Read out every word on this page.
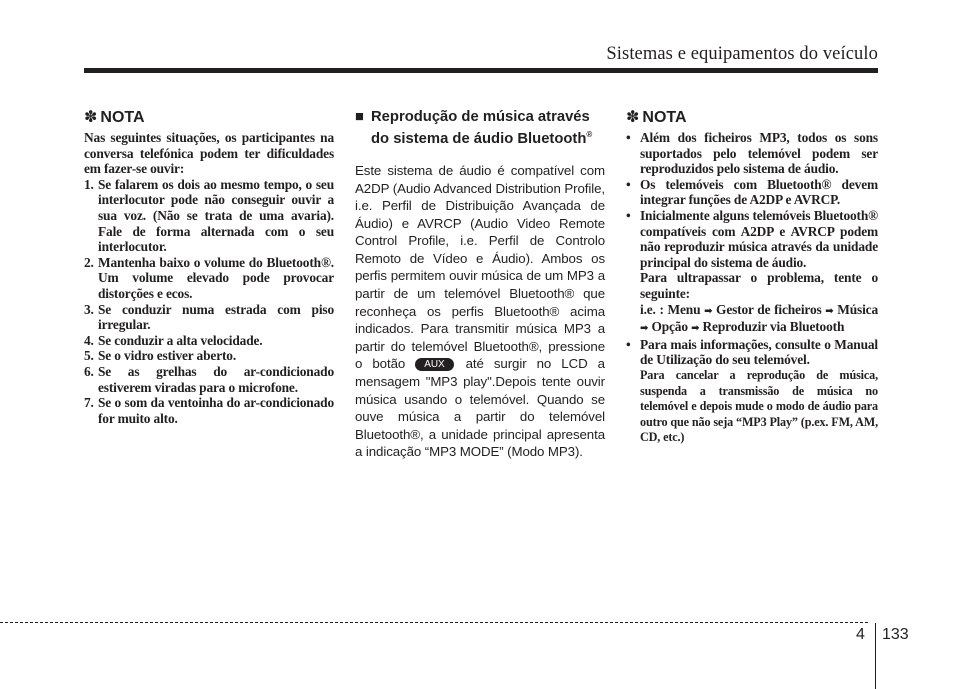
Sistemas e equipamentos do veículo
✽ NOTA
Nas seguintes situações, os participantes na conversa telefónica podem ter dificuldades em fazer-se ouvir:
1. Se falarem os dois ao mesmo tempo, o seu interlocutor pode não conseguir ouvir a sua voz. (Não se trata de uma avaria). Fale de forma alternada com o seu interlocutor.
2. Mantenha baixo o volume do Bluetooth®. Um volume elevado pode provocar distorções e ecos.
3. Se conduzir numa estrada com piso irregular.
4. Se conduzir a alta velocidade.
5. Se o vidro estiver aberto.
6. Se as grelhas do ar-condicionado estiverem viradas para o microfone.
7. Se o som da ventoinha do ar-condicionado for muito alto.
■ Reprodução de música através do sistema de áudio Bluetooth®
Este sistema de áudio é compatível com A2DP (Audio Advanced Distribution Profile, i.e. Perfil de Distribuição Avançada de Áudio) e AVRCP (Audio Video Remote Control Profile, i.e. Perfil de Controlo Remoto de Vídeo e Áudio). Ambos os perfis permitem ouvir música de um MP3 a partir de um telemóvel Bluetooth® que reconheça os perfis Bluetooth® acima indicados. Para transmitir música MP3 a partir do telemóvel Bluetooth®, pressione o botão AUX até surgir no LCD a mensagem "MP3 play".Depois tente ouvir música usando o telemóvel. Quando se ouve música a partir do telemóvel Bluetooth®, a unidade principal apresenta a indicação “MP3 MODE” (Modo MP3).
✽ NOTA
• Além dos ficheiros MP3, todos os sons suportados pelo telemóvel podem ser reproduzidos pelo sistema de áudio.
• Os telemóveis com Bluetooth® devem integrar funções de A2DP e AVRCP.
• Inicialmente alguns telemóveis Bluetooth® compatíveis com A2DP e AVRCP podem não reproduzir música através da unidade principal do sistema de áudio.
Para ultrapassar o problema, tente o seguinte:
i.e. : Menu ➡ Gestor de ficheiros ➡ Música ➡ Opção ➡ Reproduzir via Bluetooth
• Para mais informações, consulte o Manual de Utilização do seu telemóvel.
Para cancelar a reprodução de música, suspenda a transmissão de música no telemóvel e depois mude o modo de áudio para outro que não seja “MP3 Play” (p.ex. FM, AM, CD, etc.)
4 133
